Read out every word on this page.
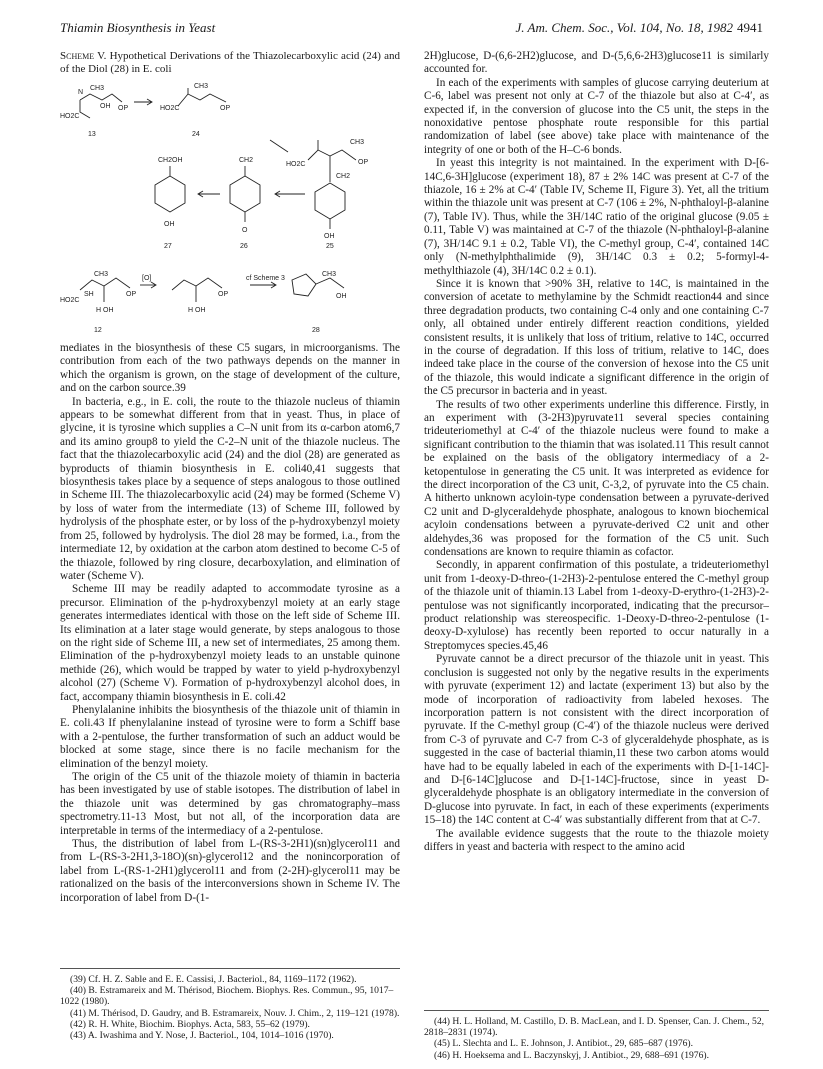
Thiamin Biosynthesis in Yeast	J. Am. Chem. Soc., Vol. 104, No. 18, 1982 4941
Scheme V. Hypothetical Derivations of the Thiazolecarboxylic acid (24) and of the Diol (28) in E. coli
N
CH3
OH
HO2C
OP	HO2C
CH3
OP
CH3
HO2C	OP
CH2
CH2OH	CH2
OH
O
OH
HO2C
CH3
SH
H OH
OP
[O]
H OH
OP
cf Scheme 3
CH3
OH
13	24
27	26	25
12	28

mediates in the biosynthesis of these C5 sugars, in microorganisms. The contribution from each of the two pathways depends on the manner in which the organism is grown, on the stage of development of the culture, and on the carbon source.39

In bacteria, e.g., in E. coli, the route to the thiazole nucleus of thiamin appears to be somewhat different from that in yeast. Thus, in place of glycine, it is tyrosine which supplies a C–N unit from its α-carbon atom6,7 and its amino group8 to yield the C-2–N unit of the thiazole nucleus. The fact that the thiazolecarboxylic acid (24) and the diol (28) are generated as byproducts of thiamin biosynthesis in E. coli40,41 suggests that biosynthesis takes place by a sequence of steps analogous to those outlined in Scheme III. The thiazolecarboxylic acid (24) may be formed (Scheme V) by loss of water from the intermediate (13) of Scheme III, followed by hydrolysis of the phosphate ester, or by loss of the p-hydroxybenzyl moiety from 25, followed by hydrolysis. The diol 28 may be formed, i.a., from the intermediate 12, by oxidation at the carbon atom destined to become C-5 of the thiazole, followed by ring closure, decarboxylation, and elimination of water (Scheme V).

Scheme III may be readily adapted to accommodate tyrosine as a precursor. Elimination of the p-hydroxybenzyl moiety at an early stage generates intermediates identical with those on the left side of Scheme III. Its elimination at a later stage would generate, by steps analogous to those on the right side of Scheme III, a new set of intermediates, 25 among them. Elimination of the p-hydroxybenzyl moiety leads to an unstable quinone methide (26), which would be trapped by water to yield p-hydroxybenzyl alcohol (27) (Scheme V). Formation of p-hydroxybenzyl alcohol does, in fact, accompany thiamin biosynthesis in E. coli.42

Phenylalanine inhibits the biosynthesis of the thiazole unit of thiamin in E. coli.43 If phenylalanine instead of tyrosine were to form a Schiff base with a 2-pentulose, the further transformation of such an adduct would be blocked at some stage, since there is no facile mechanism for the elimination of the benzyl moiety.

The origin of the C5 unit of the thiazole moiety of thiamin in bacteria has been investigated by use of stable isotopes. The distribution of label in the thiazole unit was determined by gas chromatography–mass spectrometry.11-13 Most, but not all, of the incorporation data are interpretable in terms of the intermediacy of a 2-pentulose.

Thus, the distribution of label from L-(RS-3-2H1)(sn)glycerol11 and from L-(RS-3-2H1,3-18O)(sn)-glycerol12 and the nonincorporation of label from L-(RS-1-2H1)glycerol11 and from (2-2H)-glycerol11 may be rationalized on the basis of the interconversions shown in Scheme IV. The incorporation of label from D-(1-

2H)glucose, D-(6,6-2H2)glucose, and D-(5,6,6-2H3)glucose11 is similarly accounted for.

In each of the experiments with samples of glucose carrying deuterium at C-6, label was present not only at C-7 of the thiazole but also at C-4′, as expected if, in the conversion of glucose into the C5 unit, the steps in the nonoxidative pentose phosphate route responsible for this partial randomization of label (see above) take place with maintenance of the integrity of one or both of the H–C-6 bonds.

In yeast this integrity is not maintained. In the experiment with D-[6-14C,6-3H]glucose (experiment 18), 87 ± 2% 14C was present at C-7 of the thiazole, 16 ± 2% at C-4′ (Table IV, Scheme II, Figure 3). Yet, all the tritium within the thiazole unit was present at C-7 (106 ± 2%, N-phthaloyl-β-alanine (7), Table IV). Thus, while the 3H/14C ratio of the original glucose (9.05 ± 0.11, Table V) was maintained at C-7 of the thiazole (N-phthaloyl-β-alanine (7), 3H/14C 9.1 ± 0.2, Table VI), the C-methyl group, C-4′, contained 14C only (N-methylphthalimide (9), 3H/14C 0.3 ± 0.2; 5-formyl-4-methylthiazole (4), 3H/14C 0.2 ± 0.1).

Since it is known that >90% 3H, relative to 14C, is maintained in the conversion of acetate to methylamine by the Schmidt reaction44 and since three degradation products, two containing C-4 only and one containing C-7 only, all obtained under entirely different reaction conditions, yielded consistent results, it is unlikely that loss of tritium, relative to 14C, occurred in the course of degradation. If this loss of tritium, relative to 14C, does indeed take place in the course of the conversion of hexose into the C5 unit of the thiazole, this would indicate a significant difference in the origin of the C5 precursor in bacteria and in yeast.

The results of two other experiments underline this difference. Firstly, in an experiment with (3-2H3)pyruvate11 several species containing trideuteriomethyl at C-4′ of the thiazole nucleus were found to make a significant contribution to the thiamin that was isolated.11 This result cannot be explained on the basis of the obligatory intermediacy of a 2-ketopentulose in generating the C5 unit. It was interpreted as evidence for the direct incorporation of the C3 unit, C-3,2, of pyruvate into the C5 chain. A hitherto unknown acyloin-type condensation between a pyruvate-derived C2 unit and D-glyceraldehyde phosphate, analogous to known biochemical acyloin condensations between a pyruvate-derived C2 unit and other aldehydes,36 was proposed for the formation of the C5 unit. Such condensations are known to require thiamin as cofactor.

Secondly, in apparent confirmation of this postulate, a trideuteriomethyl unit from 1-deoxy-D-threo-(1-2H3)-2-pentulose entered the C-methyl group of the thiazole unit of thiamin.13 Label from 1-deoxy-D-erythro-(1-2H3)-2-pentulose was not significantly incorporated, indicating that the precursor–product relationship was stereospecific. 1-Deoxy-D-threo-2-pentulose (1-deoxy-D-xylulose) has recently been reported to occur naturally in a Streptomyces species.45,46

Pyruvate cannot be a direct precursor of the thiazole unit in yeast. This conclusion is suggested not only by the negative results in the experiments with pyruvate (experiment 12) and lactate (experiment 13) but also by the mode of incorporation of radioactivity from labeled hexoses. The incorporation pattern is not consistent with the direct incorporation of pyruvate. If the C-methyl group (C-4′) of the thiazole nucleus were derived from C-3 of pyruvate and C-7 from C-3 of glyceraldehyde phosphate, as is suggested in the case of bacterial thiamin,11 these two carbon atoms would have had to be equally labeled in each of the experiments with D-[1-14C]- and D-[6-14C]glucose and D-[1-14C]-fructose, since in yeast D-glyceraldehyde phosphate is an obligatory intermediate in the conversion of D-glucose into pyruvate. In fact, in each of these experiments (experiments 15–18) the 14C content at C-4′ was substantially different from that at C-7.

The available evidence suggests that the route to the thiazole moiety differs in yeast and bacteria with respect to the amino acid

(39) Cf. H. Z. Sable and E. E. Cassisi, J. Bacteriol., 84, 1169–1172 (1962).
(40) B. Estramareix and M. Thérisod, Biochem. Biophys. Res. Commun., 95, 1017–1022 (1980).
(41) M. Thérisod, D. Gaudry, and B. Estramareix, Nouv. J. Chim., 2, 119–121 (1978).
(42) R. H. White, Biochim. Biophys. Acta, 583, 55–62 (1979).
(43) A. Iwashima and Y. Nose, J. Bacteriol., 104, 1014–1016 (1970).
(44) H. L. Holland, M. Castillo, D. B. MacLean, and I. D. Spenser, Can. J. Chem., 52, 2818–2831 (1974).
(45) L. Slechta and L. E. Johnson, J. Antibiot., 29, 685–687 (1976).
(46) H. Hoeksema and L. Baczynskyj, J. Antibiot., 29, 688–691 (1976).
